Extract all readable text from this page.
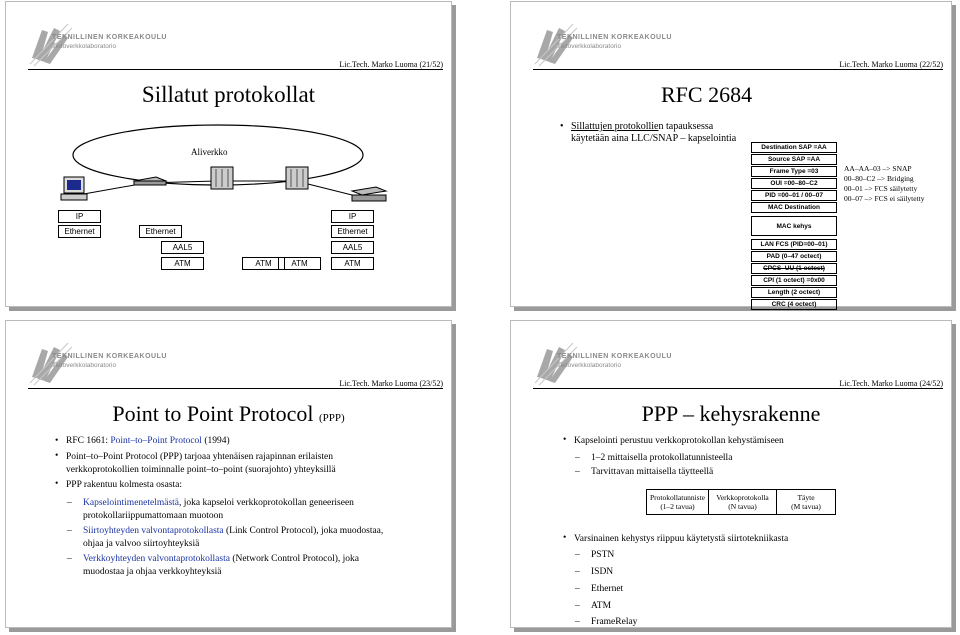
TEKNILLINEN KORKEAKOULU
Tietoverkkolaboratorio
Lic.Tech. Marko Luoma (21/52)
Sillatut protokollat
Aliverkko
IP
Ethernet	Ethernet
AAL5
ATM	ATM	ATM
IP
Ethernet
AAL5
ATM
TEKNILLINEN KORKEAKOULU
Tietoverkkolaboratorio
Lic.Tech. Marko Luoma (22/52)
RFC 2684
• Sillattujen protokollien tapauksessa käytetään aina LLC/SNAP – kapselointia
AA–AA–03 –> SNAP
00–80–C2 –> Bridging
00–01 –> FCS säilytetty
00–07 –> FCS ei säilytetty
Destination SAP =AA
Source SAP =AA
Frame Type =03
OUI =00–80–C2
PID =00–01 / 00–07
MAC Destination
MAC kehys
LAN FCS (PID=00–01)
PAD (0–47 octect)
CPCS–UU (1 octect)
CPI (1 octect) =0x00
Length (2 octect)
CRC (4 octect)
TEKNILLINEN KORKEAKOULU
Tietoverkkolaboratorio
Lic.Tech. Marko Luoma (23/52)
Point to Point Protocol (PPP)
• RFC 1661: Point–to–Point Protocol (1994)
Point–to–Point Protocol (PPP) tarjoaa yhtenäisen rajapinnan erilaisten verkkoprotokollien toiminnalle point–to–point (suorajohto) yhteyksillä
•
PPP rakentuu kolmesta osasta:
•
– Kapselointimenetelmästä, joka kapseloi verkkoprotokollan geneeriseen protokollariippumattomaan muotoon
– Siirtoyhteyden valvontaprotokollasta (Link Control Protocol), joka muodostaa, ohjaa ja valvoo siirtoyhteyksiä
– Verkkoyhteyden valvontaprotokollasta (Network Control Protocol), joka muodostaa ja ohjaa verkkoyhteyksiä
TEKNILLINEN KORKEAKOULU
Tietoverkkolaboratorio
Lic.Tech. Marko Luoma (24/52)
PPP – kehysrakenne
• Kapselointi perustuu verkkoprotokollan kehystämiseen
– 1–2 mittaisella protokollatunnisteella
– Tarvittavan mittaisella täytteellä
Protokollatunniste
(1–2 tavua)
Verkkoprotokolla
(N tavua)
Täyte
(M tavua)
• Varsinainen kehystys riippuu käytetystä siirtotekniikasta
– PSTN
– ISDN
– Ethernet
– ATM
– FrameRelay
